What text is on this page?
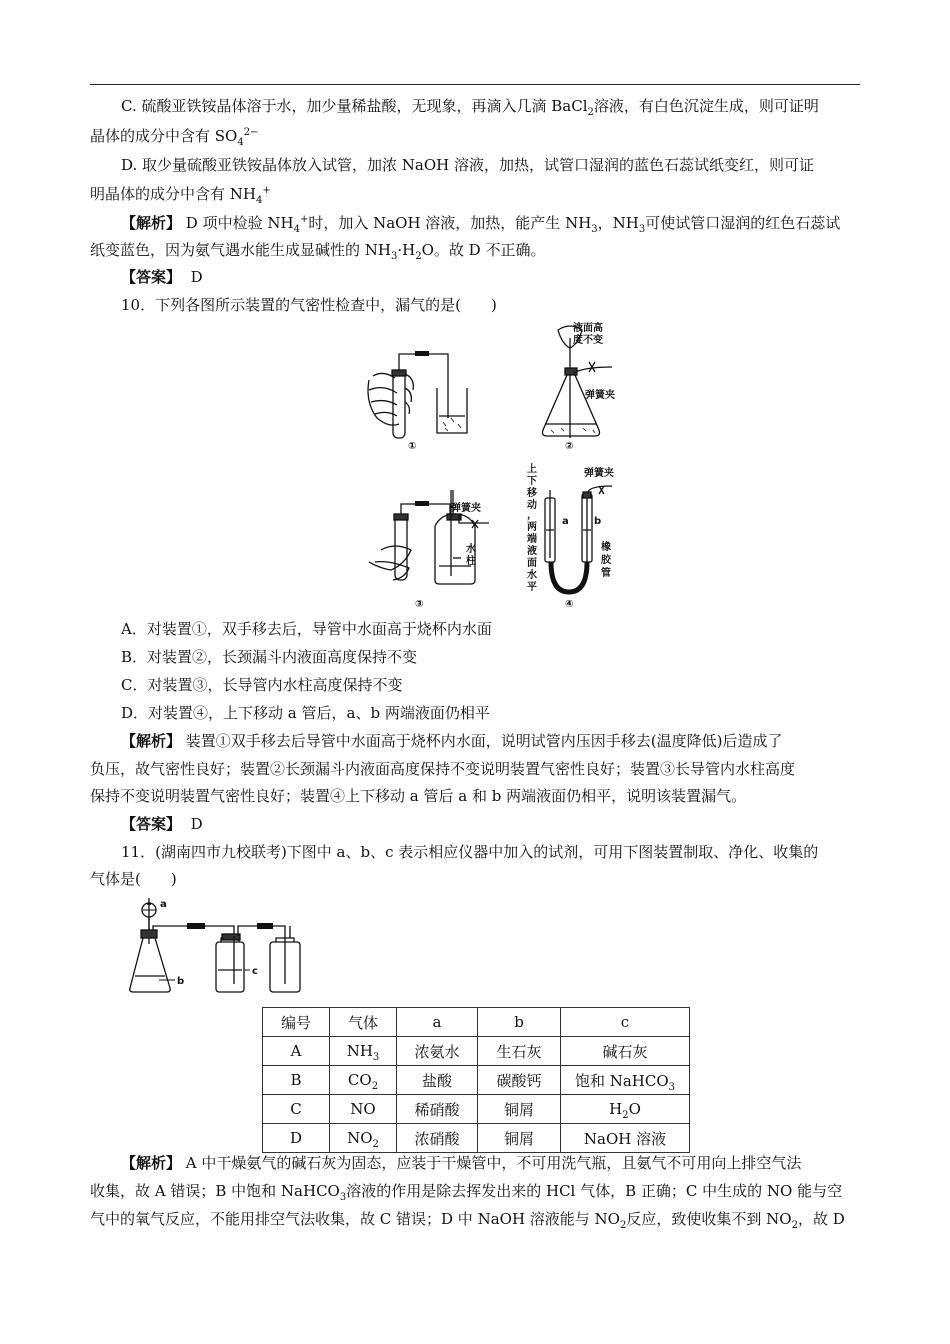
C. 硫酸亚铁铵晶体溶于水，加少量稀盐酸，无现象，再滴入几滴 BaCl$_2$溶液，有白色沉淀生成，则可证明
晶体的成分中含有 $SO_4^{2-}$
D. 取少量硫酸亚铁铵晶体放入试管，加浓 NaOH 溶液，加热，试管口湿润的蓝色石蕊试纸变红，则可证
明晶体的成分中含有 $NH_4^+$
【解析】 D 项中检验 $NH_4^+$时，加入 NaOH 溶液，加热，能产生 $NH_3$，$NH_3$可使试管口湿润的红色石蕊试
纸变蓝色，因为氨气遇水能生成显碱性的 $NH_3\cdot H_2O$。故 D 不正确。
【答案】 D
10．下列各图所示装置的气密性检查中，漏气的是(　　)
①	②
液面高
度不变
弹簧夹
弹簧夹
水
柱
③
弹簧夹
上
下
移
动
，
两
端
液
面
水
平
a	b
橡
胶
管
④
A．对装置①，双手移去后，导管中水面高于烧杯内水面
B．对装置②，长颈漏斗内液面高度保持不变
C．对装置③，长导管内水柱高度保持不变
D．对装置④，上下移动 a 管后，a、b 两端液面仍相平
【解析】 装置①双手移去后导管中水面高于烧杯内水面，说明试管内压因手移去(温度降低)后造成了
负压，故气密性良好；装置②长颈漏斗内液面高度保持不变说明装置气密性良好；装置③长导管内水柱高度
保持不变说明装置气密性良好；装置④上下移动 a 管后 a 和 b 两端液面仍相平，说明该装置漏气。
【答案】 D
11．(湖南四市九校联考)下图中 a、b、c 表示相应仪器中加入的试剂，可用下图装置制取、净化、收集的
气体是(　　)
a
b
c
编号	气体	a	b	c
A	$NH_3$	浓氨水	生石灰	碱石灰
B	$CO_2$	盐酸	碳酸钙	饱和 NaHCO$_3$
C	NO	稀硝酸	铜屑	$H_2O$
D	$NO_2$	浓硝酸	铜屑	NaOH 溶液
【解析】 A 中干燥氨气的碱石灰为固态，应装于干燥管中，不可用洗气瓶，且氨气不可用向上排空气法
收集，故 A 错误；B 中饱和 NaHCO$_3$溶液的作用是除去挥发出来的 HCl 气体，B 正确；C 中生成的 NO 能与空
气中的氧气反应，不能用排空气法收集，故 C 错误；D 中 NaOH 溶液能与 $NO_2$反应，致使收集不到 $NO_2$，故 D
